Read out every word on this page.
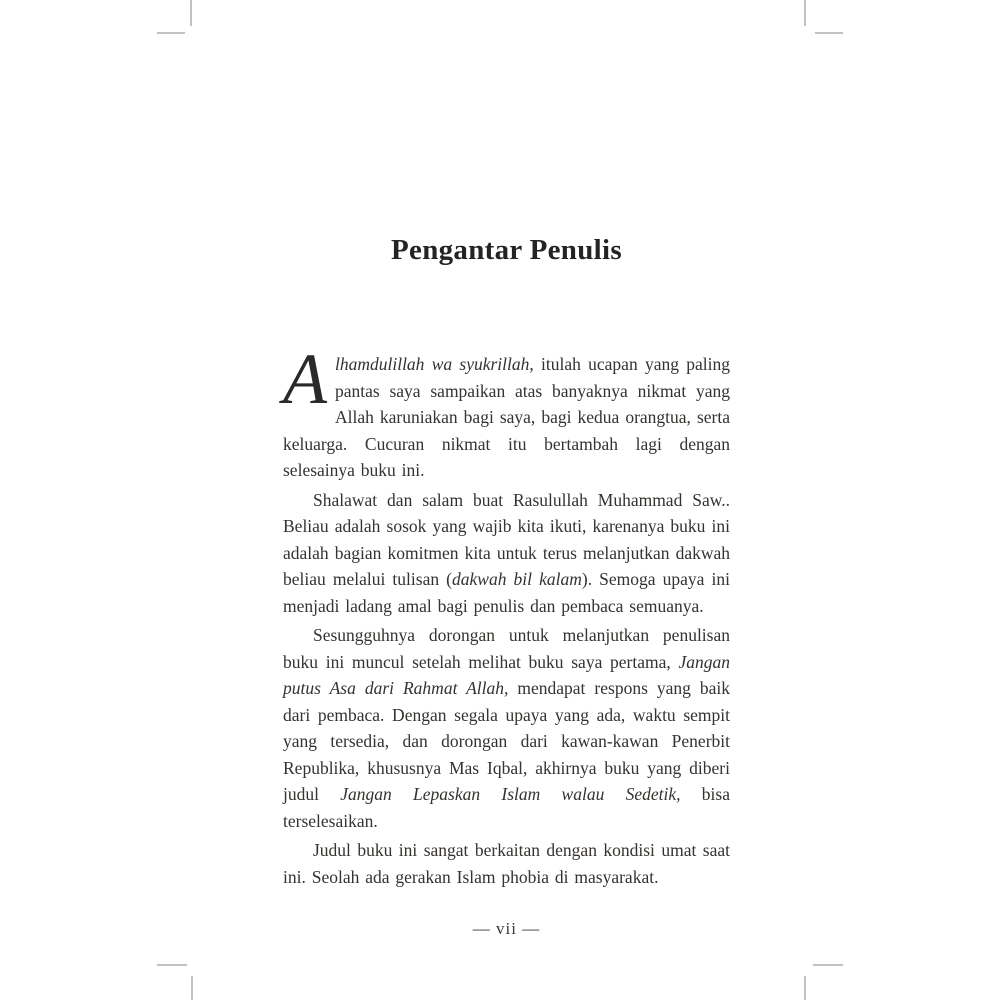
Pengantar Penulis

Alhamdulillah wa syukrillah, itulah ucapan yang paling pantas saya sampaikan atas banyaknya nikmat yang Allah karuniakan bagi saya, bagi kedua orangtua, serta keluarga. Cucuran nikmat itu bertambah lagi dengan selesainya buku ini.

Shalawat dan salam buat Rasulullah Muhammad Saw.. Beliau adalah sosok yang wajib kita ikuti, karenanya buku ini adalah bagian komitmen kita untuk terus melanjutkan dakwah beliau melalui tulisan (dakwah bil kalam). Semoga upaya ini menjadi ladang amal bagi penulis dan pembaca semuanya.

Sesungguhnya dorongan untuk melanjutkan penulisan buku ini muncul setelah melihat buku saya pertama, Jangan putus Asa dari Rahmat Allah, mendapat respons yang baik dari pembaca. Dengan segala upaya yang ada, waktu sempit yang tersedia, dan dorongan dari kawan-kawan Penerbit Republika, khususnya Mas Iqbal, akhirnya buku yang diberi judul Jangan Lepaskan Islam walau Sedetik, bisa terselesaikan.

Judul buku ini sangat berkaitan dengan kondisi umat saat ini. Seolah ada gerakan Islam phobia di masyarakat.

— vii —
